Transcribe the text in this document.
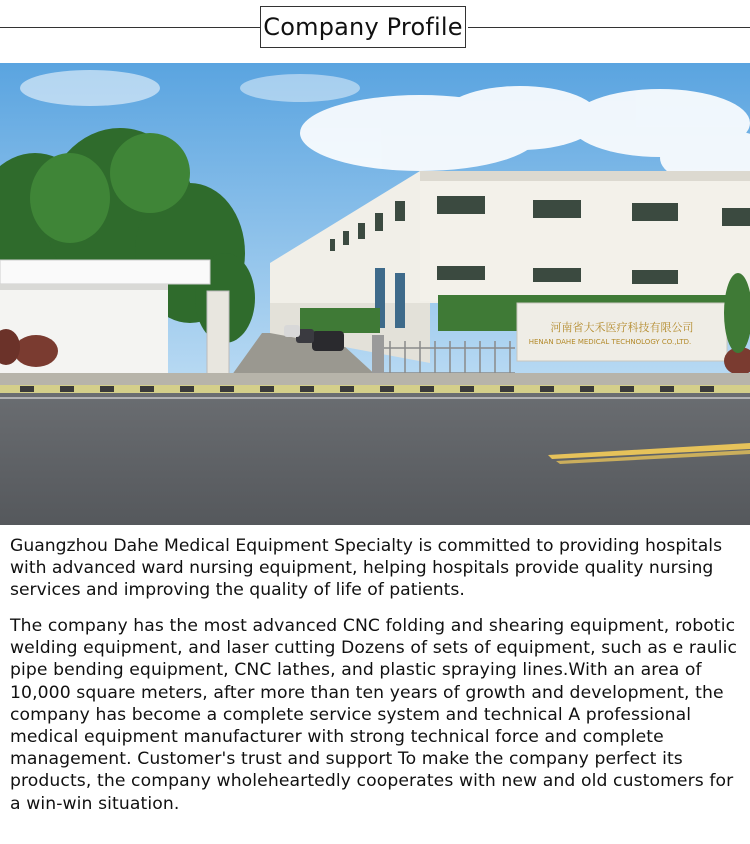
Company Profile
河南省大禾医疗科技有限公司
HENAN DAHE MEDICAL TECHNOLOGY CO.,LTD.

Guangzhou Dahe Medical Equipment Specialty is committed to providing hospitals with advanced ward nursing equipment, helping hospitals provide quality nursing services and improving the quality of life of patients.

The company has the most advanced CNC folding and shearing equipment, robotic welding equipment, and laser cutting Dozens of sets of equipment, such as e raulic pipe bending equipment, CNC lathes, and plastic spraying lines.With an area of 10,000 square meters, after more than ten years of growth and development, the company has become a complete service system and technical A professional medical equipment manufacturer with strong technical force and complete management. Customer's trust and support To make the company perfect its products, the company wholeheartedly cooperates with new and old customers for a win-win situation.
